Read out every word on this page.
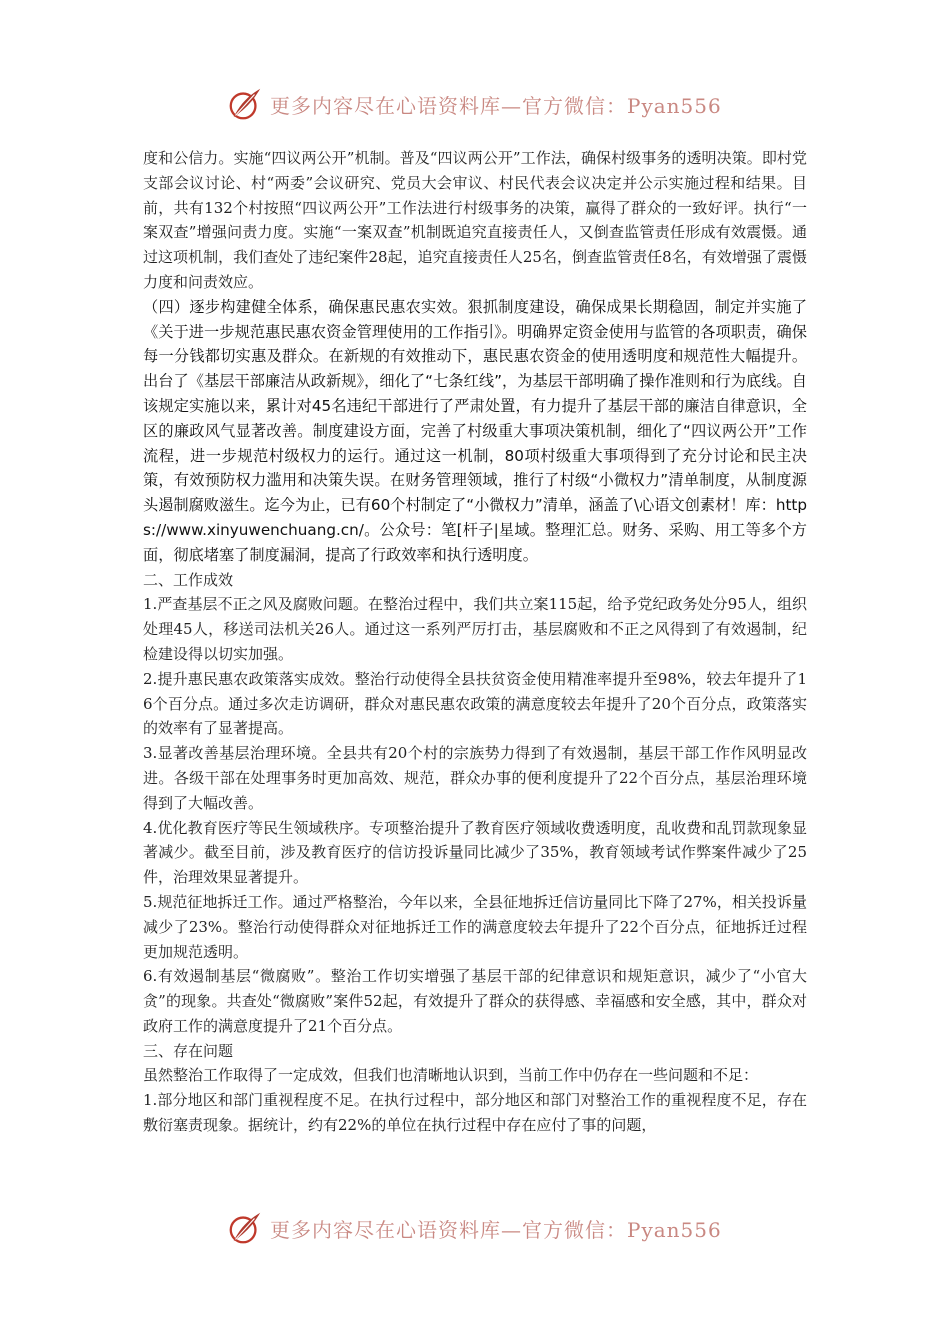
更多内容尽在心语资料库—官方微信：Pyan556

度和公信力。实施“四议两公开”机制。普及“四议两公开”工作法，确保村级事务的透明决策。即村党支部会议讨论、村“两委”会议研究、党员大会审议、村民代表会议决定并公示实施过程和结果。目前，共有132个村按照“四议两公开”工作法进行村级事务的决策，赢得了群众的一致好评。执行“一案双查”增强问责力度。实施“一案双查”机制既追究直接责任人，又倒查监管责任形成有效震慑。通过这项机制，我们查处了违纪案件28起，追究直接责任人25名，倒查监管责任8名，有效增强了震慑力度和问责效应。

（四）逐步构建健全体系，确保惠民惠农实效。狠抓制度建设，确保成果长期稳固，制定并实施了《关于进一步规范惠民惠农资金管理使用的工作指引》。明确界定资金使用与监管的各项职责，确保每一分钱都切实惠及群众。在新规的有效推动下，惠民惠农资金的使用透明度和规范性大幅提升。出台了《基层干部廉洁从政新规》，细化了“七条红线”，为基层干部明确了操作准则和行为底线。自该规定实施以来，累计对45名违纪干部进行了严肃处置，有力提升了基层干部的廉洁自律意识，全区的廉政风气显著改善。制度建设方面，完善了村级重大事项决策机制，细化了“四议两公开”工作流程，进一步规范村级权力的运行。通过这一机制，80项村级重大事项得到了充分讨论和民主决策，有效预防权力滥用和决策失误。在财务管理领域，推行了村级“小微权力”清单制度，从制度源头遏制腐败滋生。迄今为止，已有60个村制定了“小微权力”清单，涵盖了\心语文创素材！库：https://www.xinyuwenchuang.cn/。公众号：笔[杆子|星域。整理汇总。财务、采购、用工等多个方面，彻底堵塞了制度漏洞，提高了行政效率和执行透明度。

二、工作成效

1.严查基层不正之风及腐败问题。在整治过程中，我们共立案115起，给予党纪政务处分95人，组织处理45人，移送司法机关26人。通过这一系列严厉打击，基层腐败和不正之风得到了有效遏制，纪检建设得以切实加强。

2.提升惠民惠农政策落实成效。整治行动使得全县扶贫资金使用精准率提升至98%，较去年提升了16个百分点。通过多次走访调研，群众对惠民惠农政策的满意度较去年提升了20个百分点，政策落实的效率有了显著提高。

3.显著改善基层治理环境。全县共有20个村的宗族势力得到了有效遏制，基层干部工作作风明显改进。各级干部在处理事务时更加高效、规范，群众办事的便利度提升了22个百分点，基层治理环境得到了大幅改善。

4.优化教育医疗等民生领域秩序。专项整治提升了教育医疗领域收费透明度，乱收费和乱罚款现象显著减少。截至目前，涉及教育医疗的信访投诉量同比减少了35%，教育领域考试作弊案件减少了25件，治理效果显著提升。

5.规范征地拆迁工作。通过严格整治，今年以来，全县征地拆迁信访量同比下降了27%，相关投诉量减少了23%。整治行动使得群众对征地拆迁工作的满意度较去年提升了22个百分点，征地拆迁过程更加规范透明。

6.有效遏制基层“微腐败”。整治工作切实增强了基层干部的纪律意识和规矩意识，减少了“小官大贪”的现象。共查处“微腐败”案件52起，有效提升了群众的获得感、幸福感和安全感，其中，群众对政府工作的满意度提升了21个百分点。

三、存在问题

虽然整治工作取得了一定成效，但我们也清晰地认识到，当前工作中仍存在一些问题和不足：

1.部分地区和部门重视程度不足。在执行过程中，部分地区和部门对整治工作的重视程度不足，存在敷衍塞责现象。据统计，约有22%的单位在执行过程中存在应付了事的问题，

更多内容尽在心语资料库—官方微信：Pyan556
